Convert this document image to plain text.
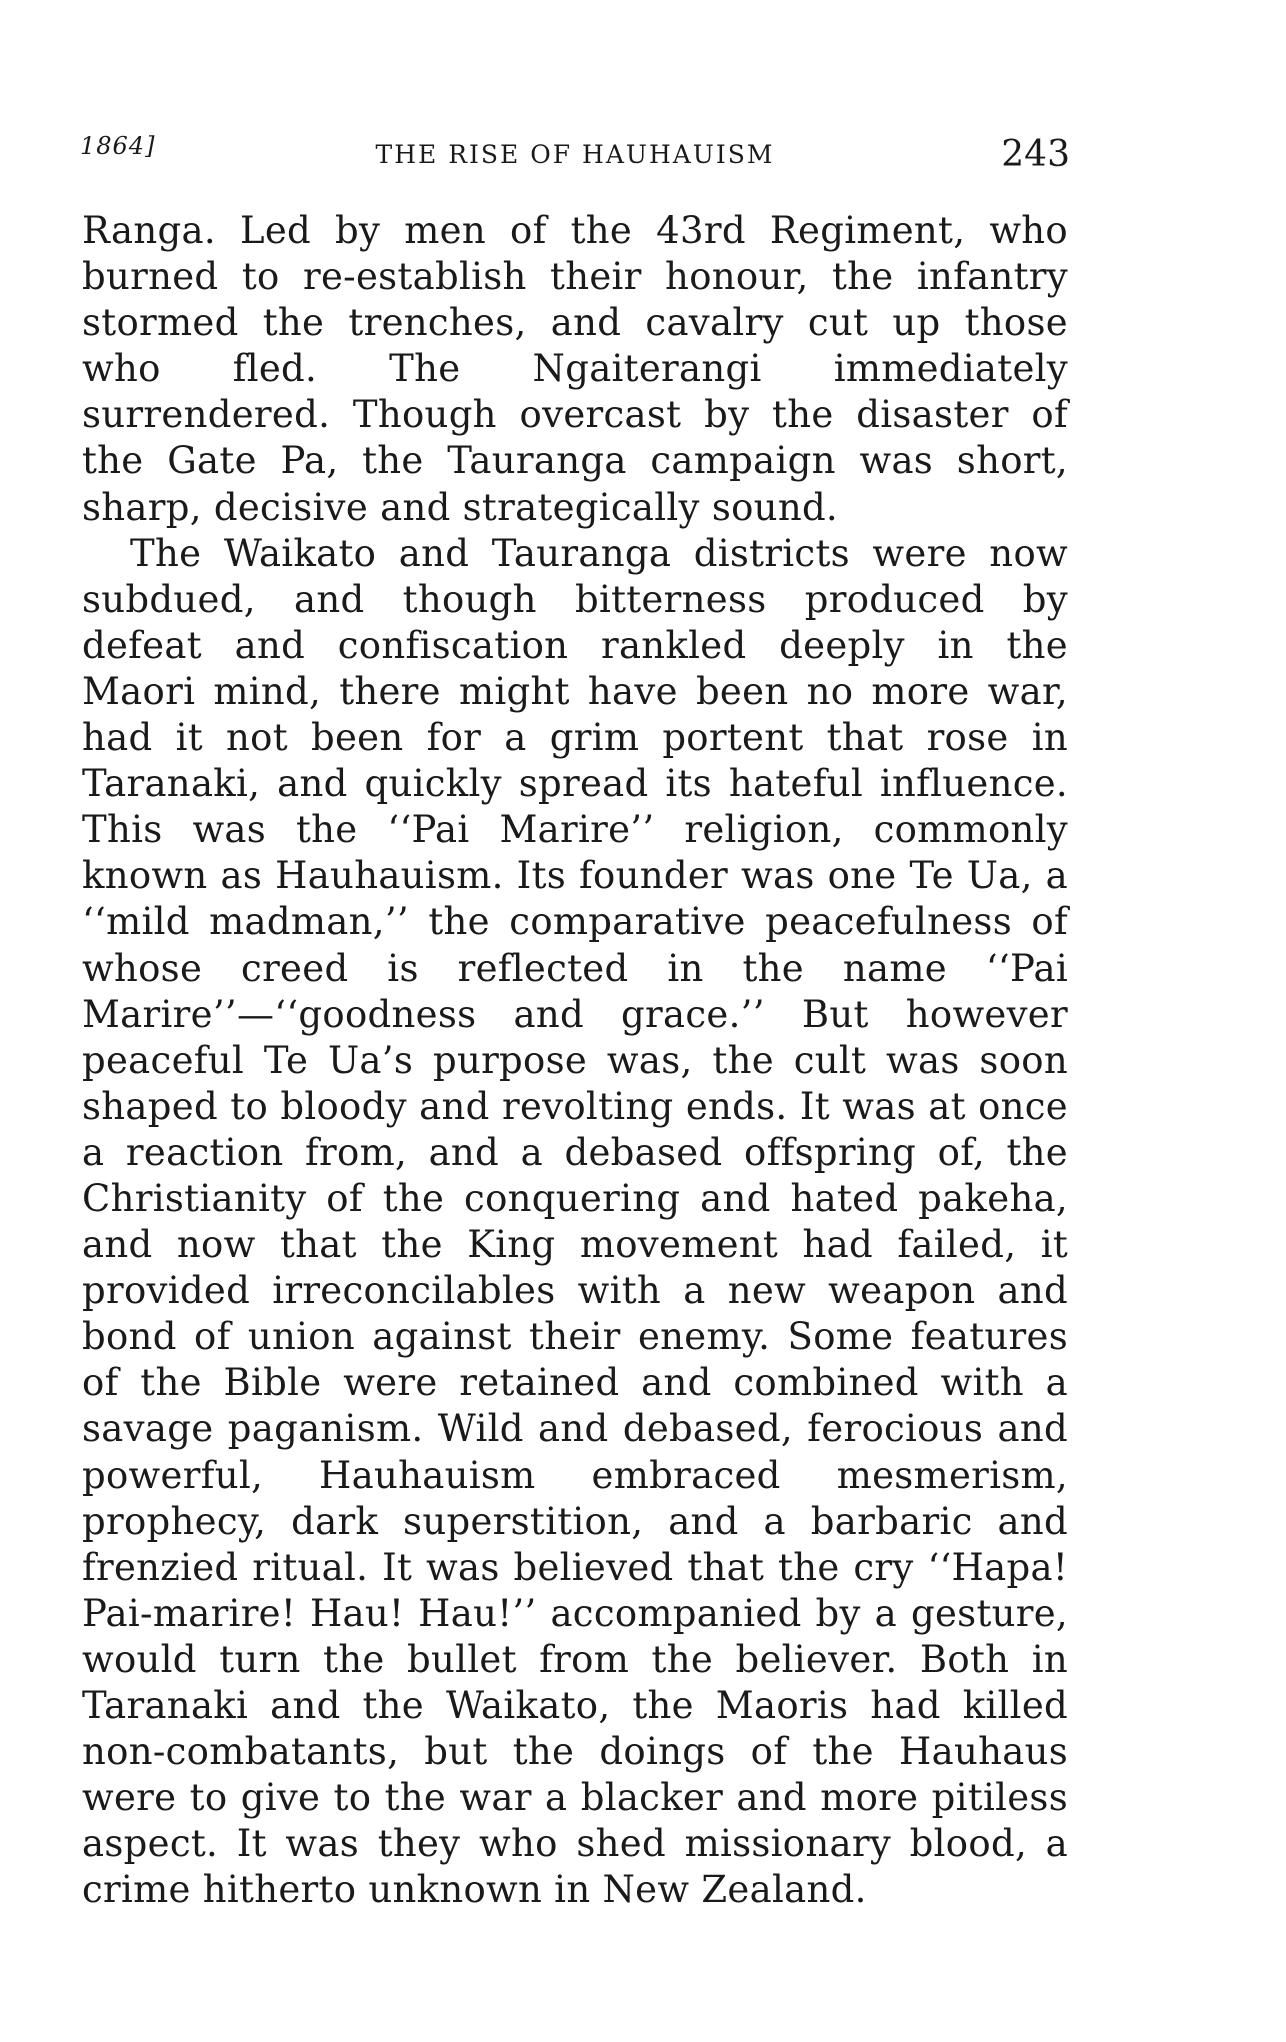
1864]	THE RISE OF HAUHAUISM	243

Ranga. Led by men of the 43rd Regiment, who burned to re-establish their honour, the infantry stormed the trenches, and cavalry cut up those who fled. The Ngaiterangi immediately surrendered. Though overcast by the disaster of the Gate Pa, the Tauranga campaign was short, sharp, decisive and strategically sound.

The Waikato and Tauranga districts were now subdued, and though bitterness produced by defeat and confiscation rankled deeply in the Maori mind, there might have been no more war, had it not been for a grim portent that rose in Taranaki, and quickly spread its hateful influence. This was the ‘‘Pai Marire’’ religion, commonly known as Hauhauism. Its founder was one Te Ua, a ‘‘mild madman,’’ the comparative peacefulness of whose creed is reflected in the name ‘‘Pai Marire’’—‘‘goodness and grace.’’ But however peaceful Te Ua’s purpose was, the cult was soon shaped to bloody and revolting ends. It was at once a reaction from, and a debased offspring of, the Christianity of the conquering and hated pakeha, and now that the King movement had failed, it provided irreconcilables with a new weapon and bond of union against their enemy. Some features of the Bible were retained and combined with a savage paganism. Wild and debased, ferocious and powerful, Hauhauism embraced mesmerism, prophecy, dark superstition, and a barbaric and frenzied ritual. It was believed that the cry ‘‘Hapa! Pai-marire! Hau! Hau!’’ accompanied by a gesture, would turn the bullet from the believer. Both in Taranaki and the Waikato, the Maoris had killed non-combatants, but the doings of the Hauhaus were to give to the war a blacker and more pitiless aspect. It was they who shed missionary blood, a crime hitherto unknown in New Zealand.
